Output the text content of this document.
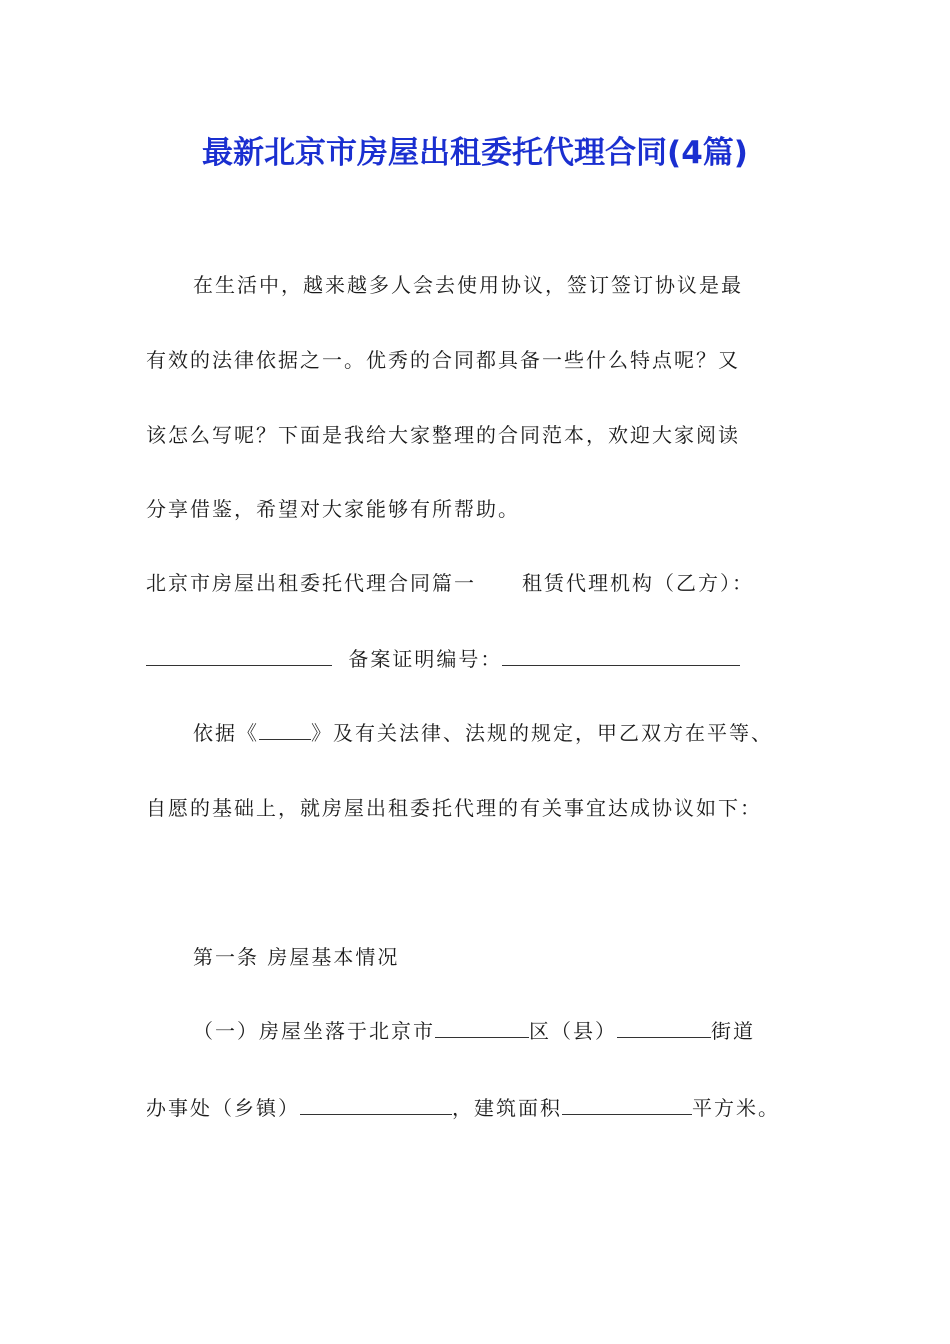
最新北京市房屋出租委托代理合同(4篇)
在生活中，越来越多人会去使用协议，签订签订协议是最
有效的法律依据之一。优秀的合同都具备一些什么特点呢？又
该怎么写呢？下面是我给大家整理的合同范本，欢迎大家阅读
分享借鉴，希望对大家能够有所帮助。
北京市房屋出租委托代理合同篇一 租赁代理机构（乙方）：
备案证明编号：
依据《	》及有关法律、法规的规定，甲乙双方在平等、
自愿的基础上，就房屋出租委托代理的有关事宜达成协议如下：
第一条 房屋基本情况
（一）房屋坐落于北京市	区（县）	街道
办事处（乡镇）	，建筑面积	平方米。
